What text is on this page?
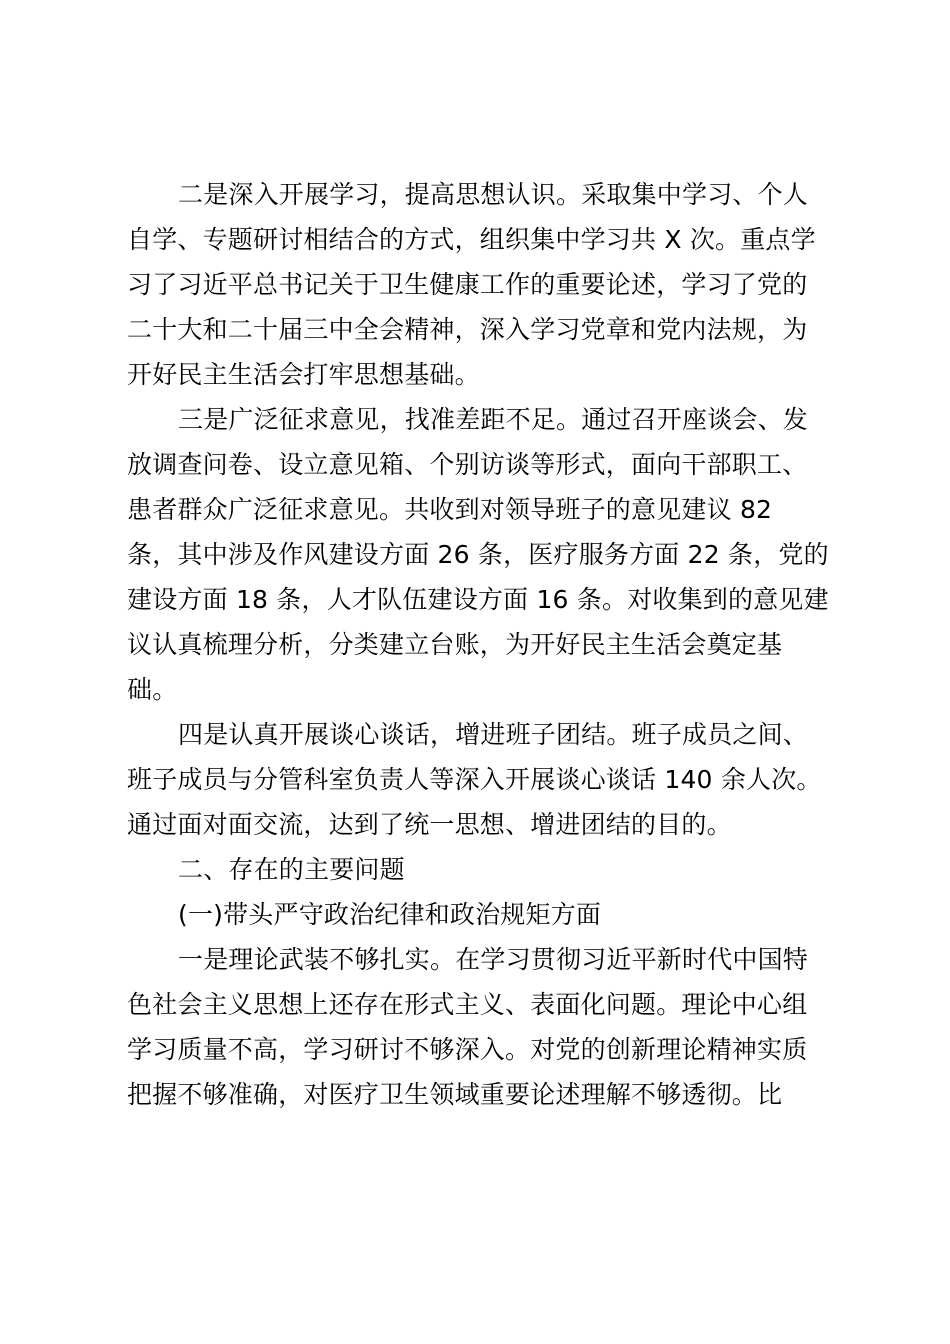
二是深入开展学习，提高思想认识。采取集中学习、个人
自学、专题研讨相结合的方式，组织集中学习共 X 次。重点学
习了习近平总书记关于卫生健康工作的重要论述，学习了党的
二十大和二十届三中全会精神，深入学习党章和党内法规，为
开好民主生活会打牢思想基础。
三是广泛征求意见，找准差距不足。通过召开座谈会、发
放调查问卷、设立意见箱、个别访谈等形式，面向干部职工、
患者群众广泛征求意见。共收到对领导班子的意见建议 82
条，其中涉及作风建设方面 26 条，医疗服务方面 22 条，党的
建设方面 18 条，人才队伍建设方面 16 条。对收集到的意见建
议认真梳理分析，分类建立台账，为开好民主生活会奠定基
础。
四是认真开展谈心谈话，增进班子团结。班子成员之间、
班子成员与分管科室负责人等深入开展谈心谈话 140 余人次。
通过面对面交流，达到了统一思想、增进团结的目的。
二、存在的主要问题
(一)带头严守政治纪律和政治规矩方面
一是理论武装不够扎实。在学习贯彻习近平新时代中国特
色社会主义思想上还存在形式主义、表面化问题。理论中心组
学习质量不高，学习研讨不够深入。对党的创新理论精神实质
把握不够准确，对医疗卫生领域重要论述理解不够透彻。比
